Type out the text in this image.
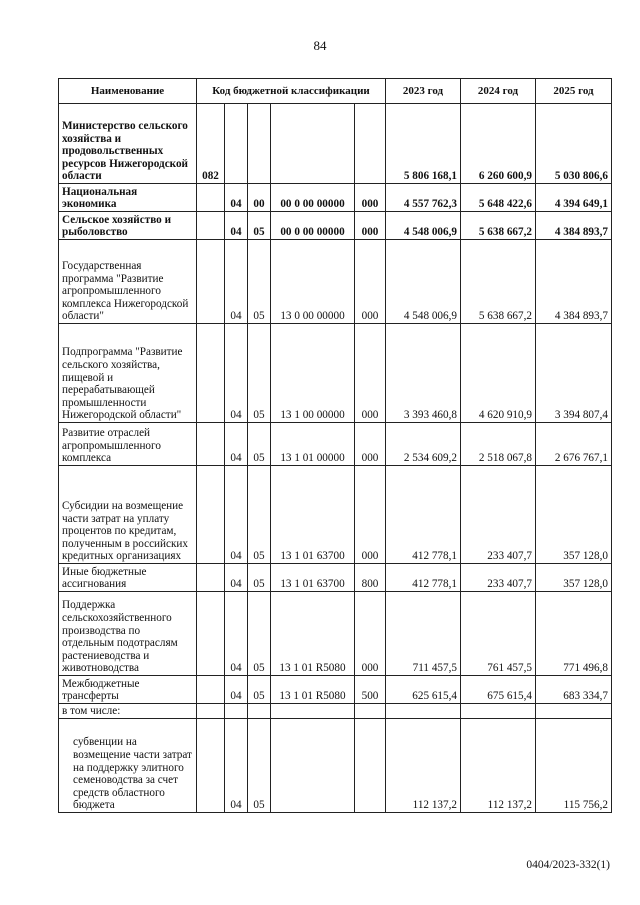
84
Наименование	Код бюджетной классификации					2023 год	2024 год	2025 год
Министерство сельского хозяйства и продовольственных ресурсов Нижегородской области	082					5 806 168,1	6 260 600,9	5 030 806,6
Национальная экономика		04	00	00 0 00 00000	000	4 557 762,3	5 648 422,6	4 394 649,1
Сельское хозяйство и рыболовство		04	05	00 0 00 00000	000	4 548 006,9	5 638 667,2	4 384 893,7
Государственная программа "Развитие агропромышленного комплекса Нижегородской области"		04	05	13 0 00 00000	000	4 548 006,9	5 638 667,2	4 384 893,7
Подпрограмма "Развитие сельского хозяйства, пищевой и перерабатывающей промышленности Нижегородской области"		04	05	13 1 00 00000	000	3 393 460,8	4 620 910,9	3 394 807,4
Развитие отраслей агропромышленного комплекса		04	05	13 1 01 00000	000	2 534 609,2	2 518 067,8	2 676 767,1
Субсидии на возмещение части затрат на уплату процентов по кредитам, полученным в российских кредитных организациях		04	05	13 1 01 63700	000	412 778,1	233 407,7	357 128,0
Иные бюджетные ассигнования		04	05	13 1 01 63700	800	412 778,1	233 407,7	357 128,0
Поддержка сельскохозяйственного производства по отдельным подотраслям растениеводства и животноводства		04	05	13 1 01 R5080	000	711 457,5	761 457,5	771 496,8
Межбюджетные трансферты		04	05	13 1 01 R5080	500	625 615,4	675 615,4	683 334,7
в том числе:								
субвенции на возмещение части затрат на поддержку элитного семеноводства за счет средств областного бюджета		04	05			112 137,2	112 137,2	115 756,2
0404/2023-332(1)
